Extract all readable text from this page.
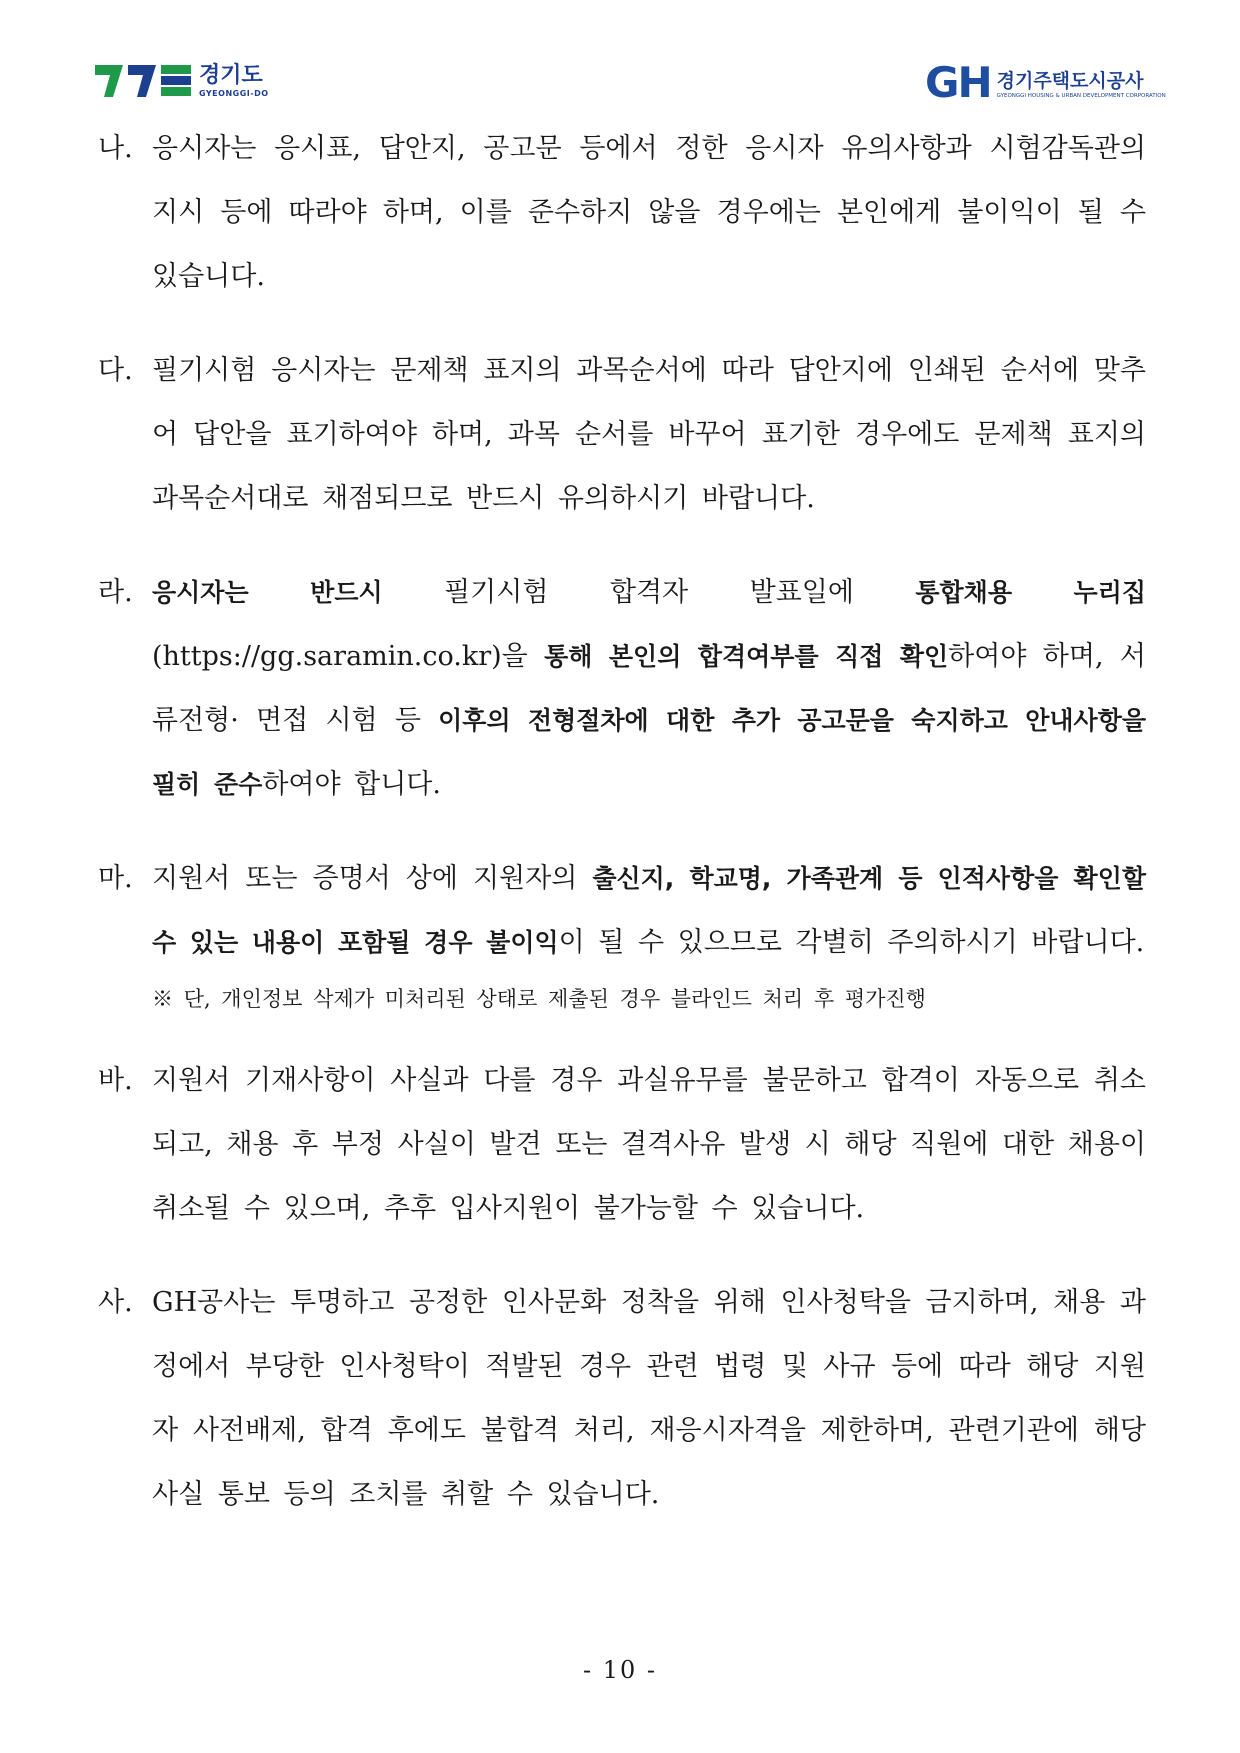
경기도
GYEONGGI-DO	GH 경기주택도시공사
GYEONGGI HOUSING & URBAN DEVELOPMENT CORPORATION
나. 응시자는 응시표, 답안지, 공고문 등에서 정한 응시자 유의사항과 시험감독관의 지시 등에 따라야 하며, 이를 준수하지 않을 경우에는 본인에게 불이익이 될 수 있습니다.
다. 필기시험 응시자는 문제책 표지의 과목순서에 따라 답안지에 인쇄된 순서에 맞추어 답안을 표기하여야 하며, 과목 순서를 바꾸어 표기한 경우에도 문제책 표지의 과목순서대로 채점되므로 반드시 유의하시기 바랍니다.
라. 응시자는 반드시 필기시험 합격자 발표일에 통합채용 누리집(https://gg.saramin.co.kr)을 통해 본인의 합격여부를 직접 확인하여야 하며, 서류전형· 면접 시험 등 이후의 전형절차에 대한 추가 공고문을 숙지하고 안내사항을 필히 준수하여야 합니다.
마. 지원서 또는 증명서 상에 지원자의 출신지, 학교명, 가족관계 등 인적사항을 확인할 수 있는 내용이 포함될 경우 불이익이 될 수 있으므로 각별히 주의하시기 바랍니다.
※ 단, 개인정보 삭제가 미처리된 상태로 제출된 경우 블라인드 처리 후 평가진행
바. 지원서 기재사항이 사실과 다를 경우 과실유무를 불문하고 합격이 자동으로 취소되고, 채용 후 부정 사실이 발견 또는 결격사유 발생 시 해당 직원에 대한 채용이 취소될 수 있으며, 추후 입사지원이 불가능할 수 있습니다.
사. GH공사는 투명하고 공정한 인사문화 정착을 위해 인사청탁을 금지하며, 채용 과정에서 부당한 인사청탁이 적발된 경우 관련 법령 및 사규 등에 따라 해당 지원자 사전배제, 합격 후에도 불합격 처리, 재응시자격을 제한하며, 관련기관에 해당 사실 통보 등의 조치를 취할 수 있습니다.
- 10 -
